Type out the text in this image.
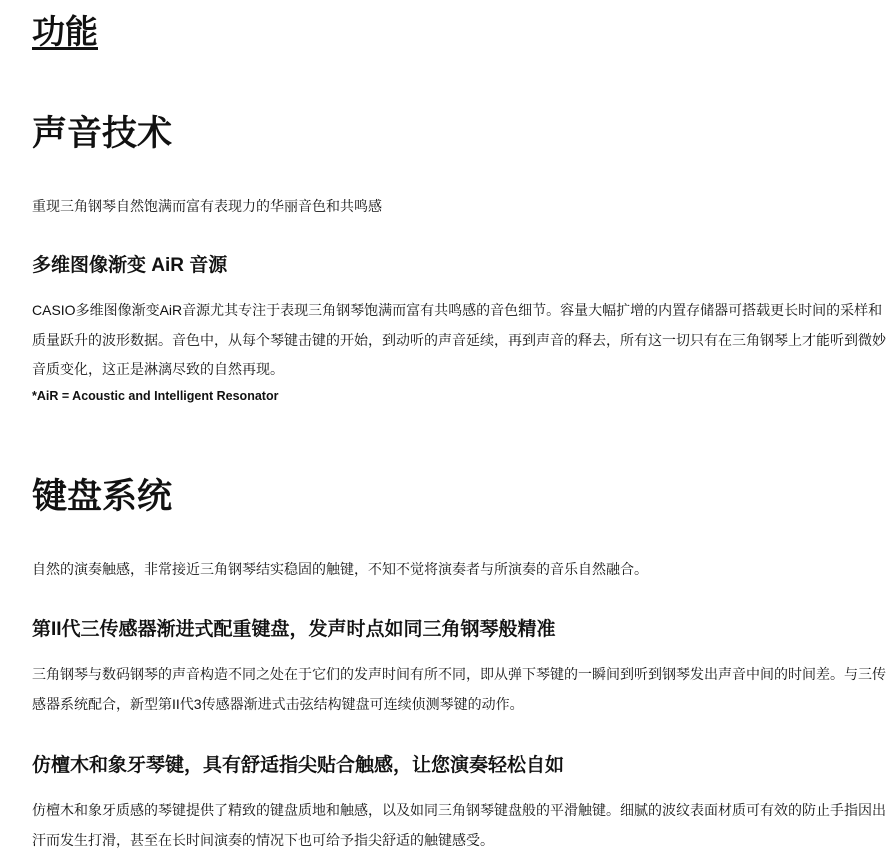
功能
声音技术

重现三角钢琴自然饱满而富有表现力的华丽音色和共鸣感

多维图像渐变 AiR 音源

CASIO多维图像渐变AiR音源尤其专注于表现三角钢琴饱满而富有共鸣感的音色细节。容量大幅扩增的内置存储器可搭载更长时间的采样和质量跃升的波形数据。音色中，从每个琴键击键的开始，到动听的声音延续，再到声音的释去，所有这一切只有在三角钢琴上才能听到微妙音质变化，这正是淋漓尽致的自然再现。

*AiR = Acoustic and Intelligent Resonator

键盘系统

自然的演奏触感，非常接近三角钢琴结实稳固的触键，不知不觉将演奏者与所演奏的音乐自然融合。

第II代三传感器渐进式配重键盘，发声时点如同三角钢琴般精准

三角钢琴与数码钢琴的声音构造不同之处在于它们的发声时间有所不同，即从弹下琴键的一瞬间到听到钢琴发出声音中间的时间差。与三传感器系统配合，新型第II代3传感器渐进式击弦结构键盘可连续侦测琴键的动作。

仿檀木和象牙琴键，具有舒适指尖贴合触感，让您演奏轻松自如

仿檀木和象牙质感的琴键提供了精致的键盘质地和触感，以及如同三角钢琴键盘般的平滑触键。细腻的波纹表面材质可有效的防止手指因出汗而发生打滑，甚至在长时间演奏的情况下也可给予指尖舒适的触键感受。
